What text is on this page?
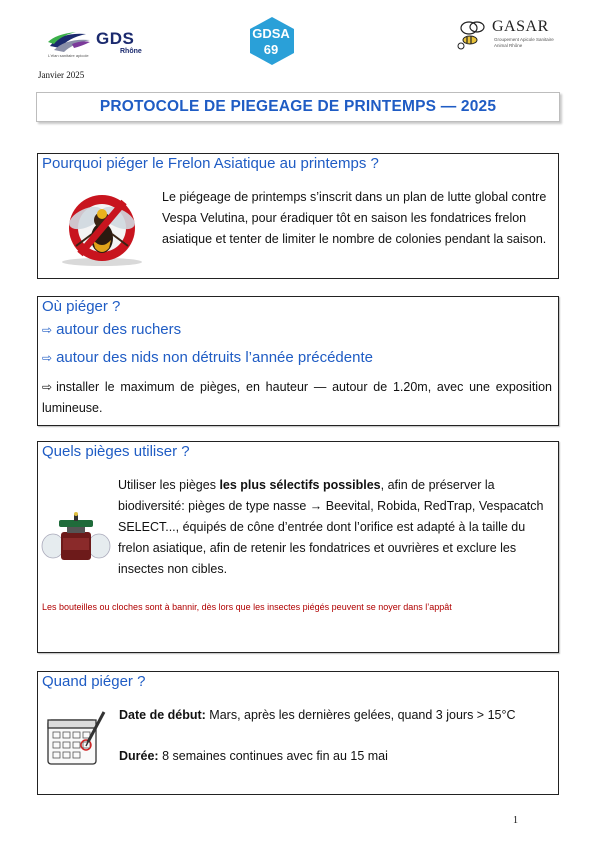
GDS
Rhône
L'élan sanitaire apicole
GDSA
69
GASAR
Groupement Apicole Sanitaire Animal Rhône
Janvier 2025
PROTOCOLE DE PIEGEAGE DE PRINTEMPS — 2025
Pourquoi piéger le Frelon Asiatique au printemps ?
Le piégeage de printemps s’inscrit dans un plan de lutte global contre Vespa Velutina, pour éradiquer tôt en saison les fondatrices frelon asiatique et tenter de limiter le nombre de colonies pendant la saison.
Où piéger ?
⇨ autour des ruchers
⇨ autour des nids non détruits l’année précédente
⇨ installer le maximum de pièges, en hauteur — autour de 1.20m, avec une exposition lumineuse.
Quels pièges utiliser ?
Utiliser les pièges les plus sélectifs possibles, afin de préserver la biodiversité: pièges de type nasse → Beevital, Robida, RedTrap, Vespacatch SELECT..., équipés de cône d’entrée dont l’orifice est adapté à la taille du frelon asiatique, afin de retenir les fondatrices et ouvrières et exclure les insectes non cibles.
Les bouteilles ou cloches sont à bannir, dès lors que les insectes piégés peuvent se noyer dans l’appât
Quand piéger ?
Date de début: Mars, après les dernières gelées, quand 3 jours > 15°C
Durée: 8 semaines continues avec fin au 15 mai
1
